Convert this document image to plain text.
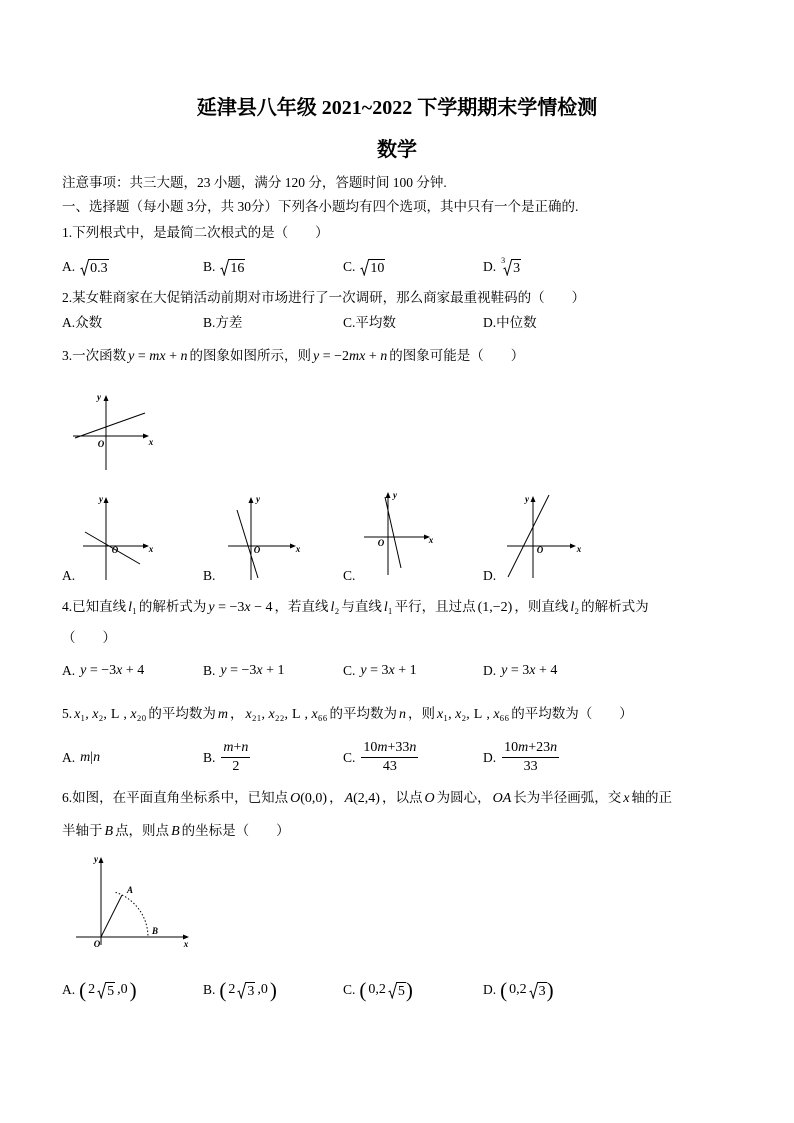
延津县八年级 2021~2022 下学期期末学情检测
数学
注意事项：共三大题，23 小题，满分 120 分，答题时间 100 分钟.
一、选择题（每小题 3分，共 30分）下列各小题均有四个选项，其中只有一个是正确的.
1.下列根式中，是最简二次根式的是（　　）
A. 0.3	B. 16	C. 10	D. 3
3
2.某女鞋商家在大促销活动前期对市场进行了一次调研，那么商家最重视鞋码的（　　）
A. 众数	B. 方差	C. 平均数	D. 中位数
3.一次函数 y = mx + n 的图象如图所示，则 y = −2mx + n 的图象可能是（　　）
y
O	x
y
O	x
y
O	x
y
O	x
y
O	x
A.	B.	C.	D.
4.已知直线 l₁ 的解析式为 y = −3x − 4 ，若直线 l₂ 与直线 l₁ 平行，且过点 (1,−2) ，则直线 l₂ 的解析式为
（　　）
A. y = −3x + 4	B. y = −3x + 1	C. y = 3x + 1	D. y = 3x + 4
5. x₁, x₂, L , x₂₀ 的平均数为 m ， x₂₁, x₂₂, L , x₆₆ 的平均数为 n ，则 x₁, x₂, L , x₆₆ 的平均数为（　　）
A. m|n	B. $\frac{m+n}{2}$	C. $\frac{10m+33n}{43}$	D. $\frac{10m+23n}{33}$
6.如图，在平面直角坐标系中，已知点 O(0,0) ， A(2,4) ，以点 O 为圆心， OA 长为半径画弧，交 x 轴的正
半轴于 B 点，则点 B 的坐标是（　　）
y
A
B
O	x
A. ( 2 5 ,0 )	B. ( 2 3 ,0 )	C. ( 0,2 5 )	D. ( 0,2 3 )
